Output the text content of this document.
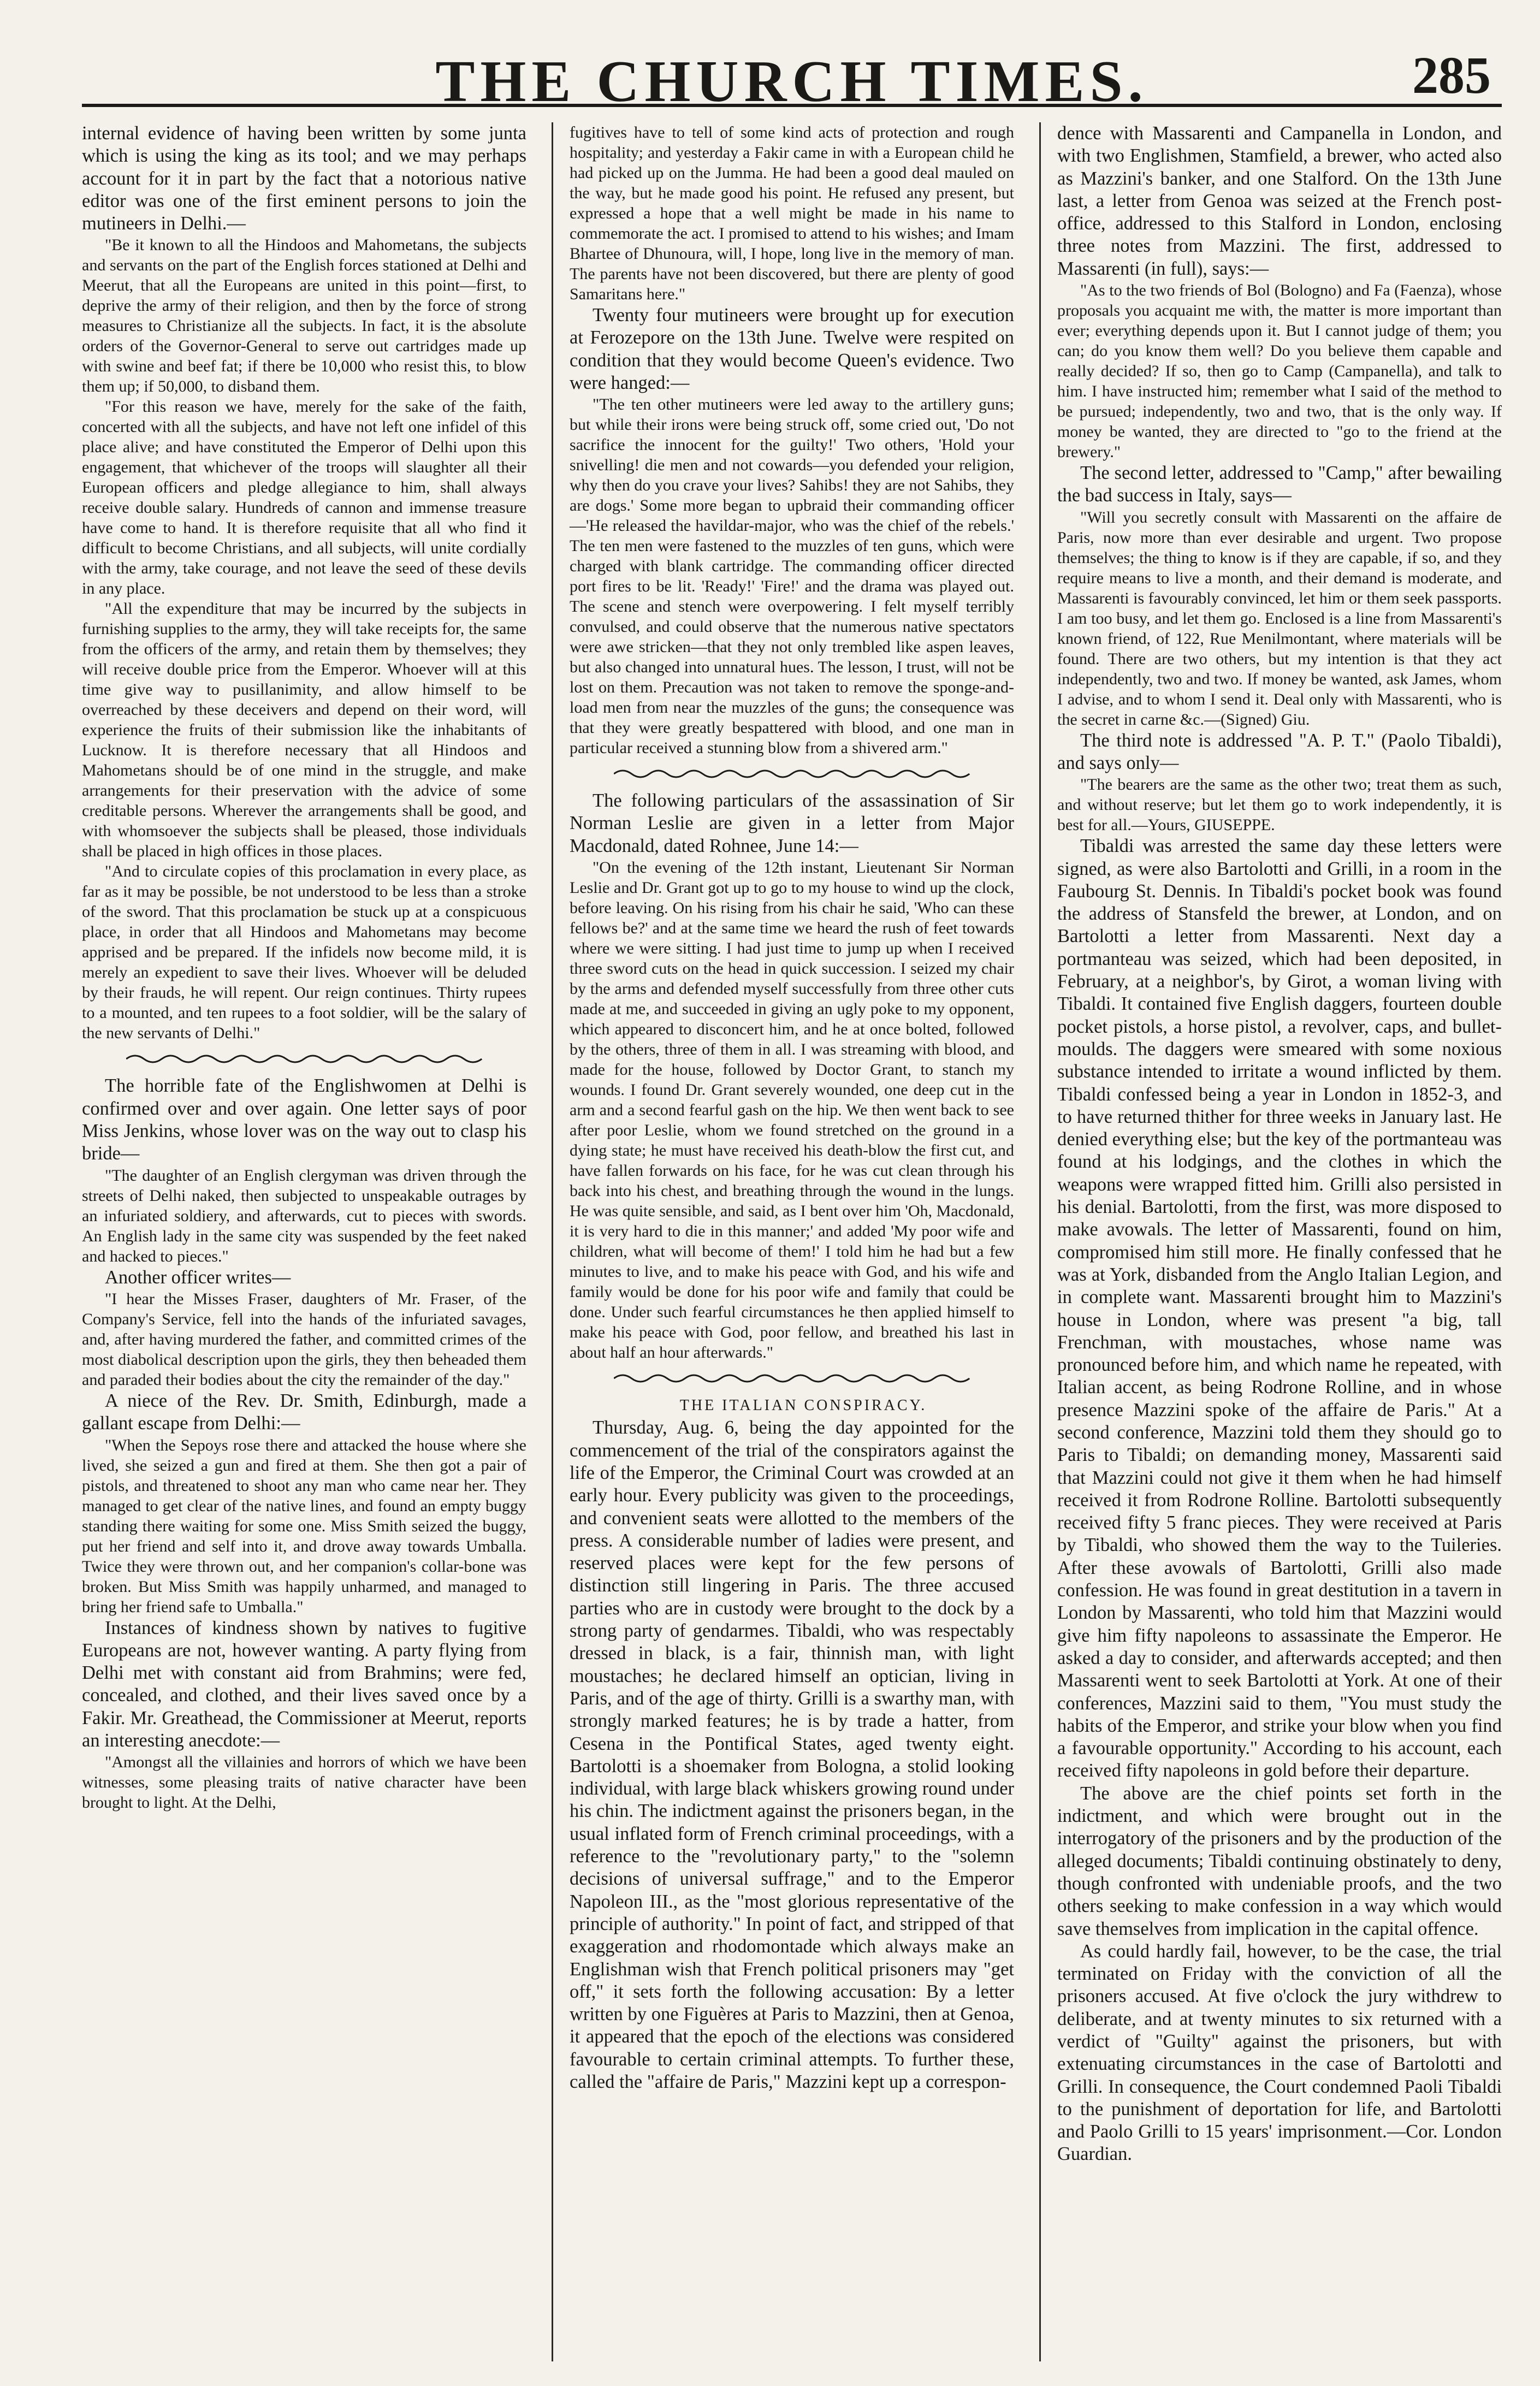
THE CHURCH TIMES.	285

internal evidence of having been written by some junta which is using the king as its tool; and we may perhaps account for it in part by the fact that a notorious native editor was one of the first eminent persons to join the mutineers in Delhi.—

"Be it known to all the Hindoos and Mahometans, the subjects and servants on the part of the English forces stationed at Delhi and Meerut, that all the Europeans are united in this point—first, to deprive the army of their religion, and then by the force of strong measures to Christianize all the subjects. In fact, it is the absolute orders of the Governor-General to serve out cartridges made up with swine and beef fat; if there be 10,000 who resist this, to blow them up; if 50,000, to disband them.

"For this reason we have, merely for the sake of the faith, concerted with all the subjects, and have not left one infidel of this place alive; and have constituted the Emperor of Delhi upon this engagement, that whichever of the troops will slaughter all their European officers and pledge allegiance to him, shall always receive double salary. Hundreds of cannon and immense treasure have come to hand. It is therefore requisite that all who find it difficult to become Christians, and all subjects, will unite cordially with the army, take courage, and not leave the seed of these devils in any place.

"All the expenditure that may be incurred by the subjects in furnishing supplies to the army, they will take receipts for, the same from the officers of the army, and retain them by themselves; they will receive double price from the Emperor. Whoever will at this time give way to pusillanimity, and allow himself to be overreached by these deceivers and depend on their word, will experience the fruits of their submission like the inhabitants of Lucknow. It is therefore necessary that all Hindoos and Mahometans should be of one mind in the struggle, and make arrangements for their preservation with the advice of some creditable persons. Wherever the arrangements shall be good, and with whomsoever the subjects shall be pleased, those individuals shall be placed in high offices in those places.

"And to circulate copies of this proclamation in every place, as far as it may be possible, be not understood to be less than a stroke of the sword. That this proclamation be stuck up at a conspicuous place, in order that all Hindoos and Mahometans may become apprised and be prepared. If the infidels now become mild, it is merely an expedient to save their lives. Whoever will be deluded by their frauds, he will repent. Our reign continues. Thirty rupees to a mounted, and ten rupees to a foot soldier, will be the salary of the new servants of Delhi."

The horrible fate of the Englishwomen at Delhi is confirmed over and over again. One letter says of poor Miss Jenkins, whose lover was on the way out to clasp his bride—

"The daughter of an English clergyman was driven through the streets of Delhi naked, then subjected to unspeakable outrages by an infuriated soldiery, and afterwards, cut to pieces with swords. An English lady in the same city was suspended by the feet naked and hacked to pieces."

Another officer writes—

"I hear the Misses Fraser, daughters of Mr. Fraser, of the Company's Service, fell into the hands of the infuriated savages, and, after having murdered the father, and committed crimes of the most diabolical description upon the girls, they then beheaded them and paraded their bodies about the city the remainder of the day."

A niece of the Rev. Dr. Smith, Edinburgh, made a gallant escape from Delhi:—

"When the Sepoys rose there and attacked the house where she lived, she seized a gun and fired at them. She then got a pair of pistols, and threatened to shoot any man who came near her. They managed to get clear of the native lines, and found an empty buggy standing there waiting for some one. Miss Smith seized the buggy, put her friend and self into it, and drove away towards Umballa. Twice they were thrown out, and her companion's collar-bone was broken. But Miss Smith was happily unharmed, and managed to bring her friend safe to Umballa."

Instances of kindness shown by natives to fugitive Europeans are not, however wanting. A party flying from Delhi met with constant aid from Brahmins; were fed, concealed, and clothed, and their lives saved once by a Fakir. Mr. Greathead, the Commissioner at Meerut, reports an interesting anecdote:—

"Amongst all the villainies and horrors of which we have been witnesses, some pleasing traits of native character have been brought to light. At the Delhi,

fugitives have to tell of some kind acts of protection and rough hospitality; and yesterday a Fakir came in with a European child he had picked up on the Jumma. He had been a good deal mauled on the way, but he made good his point. He refused any present, but expressed a hope that a well might be made in his name to commemorate the act. I promised to attend to his wishes; and Imam Bhartee of Dhunoura, will, I hope, long live in the memory of man. The parents have not been discovered, but there are plenty of good Samaritans here."

Twenty four mutineers were brought up for execution at Ferozepore on the 13th June. Twelve were respited on condition that they would become Queen's evidence. Two were hanged:—

"The ten other mutineers were led away to the artillery guns; but while their irons were being struck off, some cried out, 'Do not sacrifice the innocent for the guilty!' Two others, 'Hold your snivelling! die men and not cowards—you defended your religion, why then do you crave your lives? Sahibs! they are not Sahibs, they are dogs.' Some more began to upbraid their commanding officer—'He released the havildar-major, who was the chief of the rebels.' The ten men were fastened to the muzzles of ten guns, which were charged with blank cartridge. The commanding officer directed port fires to be lit. 'Ready!' 'Fire!' and the drama was played out. The scene and stench were overpowering. I felt myself terribly convulsed, and could observe that the numerous native spectators were awe stricken—that they not only trembled like aspen leaves, but also changed into unnatural hues. The lesson, I trust, will not be lost on them. Precaution was not taken to remove the sponge-and-load men from near the muzzles of the guns; the consequence was that they were greatly bespattered with blood, and one man in particular received a stunning blow from a shivered arm."

The following particulars of the assassination of Sir Norman Leslie are given in a letter from Major Macdonald, dated Rohnee, June 14:—

"On the evening of the 12th instant, Lieutenant Sir Norman Leslie and Dr. Grant got up to go to my house to wind up the clock, before leaving. On his rising from his chair he said, 'Who can these fellows be?' and at the same time we heard the rush of feet towards where we were sitting. I had just time to jump up when I received three sword cuts on the head in quick succession. I seized my chair by the arms and defended myself successfully from three other cuts made at me, and succeeded in giving an ugly poke to my opponent, which appeared to disconcert him, and he at once bolted, followed by the others, three of them in all. I was streaming with blood, and made for the house, followed by Doctor Grant, to stanch my wounds. I found Dr. Grant severely wounded, one deep cut in the arm and a second fearful gash on the hip. We then went back to see after poor Leslie, whom we found stretched on the ground in a dying state; he must have received his death-blow the first cut, and have fallen forwards on his face, for he was cut clean through his back into his chest, and breathing through the wound in the lungs. He was quite sensible, and said, as I bent over him 'Oh, Macdonald, it is very hard to die in this manner;' and added 'My poor wife and children, what will become of them!' I told him he had but a few minutes to live, and to make his peace with God, and his wife and family would be done for his poor wife and family that could be done. Under such fearful circumstances he then applied himself to make his peace with God, poor fellow, and breathed his last in about half an hour afterwards."

THE ITALIAN CONSPIRACY.

Thursday, Aug. 6, being the day appointed for the commencement of the trial of the conspirators against the life of the Emperor, the Criminal Court was crowded at an early hour. Every publicity was given to the proceedings, and convenient seats were allotted to the members of the press. A considerable number of ladies were present, and reserved places were kept for the few persons of distinction still lingering in Paris. The three accused parties who are in custody were brought to the dock by a strong party of gendarmes. Tibaldi, who was respectably dressed in black, is a fair, thinnish man, with light moustaches; he declared himself an optician, living in Paris, and of the age of thirty. Grilli is a swarthy man, with strongly marked features; he is by trade a hatter, from Cesena in the Pontifical States, aged twenty eight. Bartolotti is a shoemaker from Bologna, a stolid looking individual, with large black whiskers growing round under his chin. The indictment against the prisoners began, in the usual inflated form of French criminal proceedings, with a reference to the "revolutionary party," to the "solemn decisions of universal suffrage," and to the Emperor Napoleon III., as the "most glorious representative of the principle of authority." In point of fact, and stripped of that exaggeration and rhodomontade which always make an Englishman wish that French political prisoners may "get off," it sets forth the following accusation: By a letter written by one Figuères at Paris to Mazzini, then at Genoa, it appeared that the epoch of the elections was considered favourable to certain criminal attempts. To further these, called the "affaire de Paris," Mazzini kept up a correspon-

dence with Massarenti and Campanella in London, and with two Englishmen, Stamfield, a brewer, who acted also as Mazzini's banker, and one Stalford. On the 13th June last, a letter from Genoa was seized at the French post-office, addressed to this Stalford in London, enclosing three notes from Mazzini. The first, addressed to Massarenti (in full), says:—

"As to the two friends of Bol (Bologno) and Fa (Faenza), whose proposals you acquaint me with, the matter is more important than ever; everything depends upon it. But I cannot judge of them; you can; do you know them well? Do you believe them capable and really decided? If so, then go to Camp (Campanella), and talk to him. I have instructed him; remember what I said of the method to be pursued; independently, two and two, that is the only way. If money be wanted, they are directed to "go to the friend at the brewery."

The second letter, addressed to "Camp," after bewailing the bad success in Italy, says—

"Will you secretly consult with Massarenti on the affaire de Paris, now more than ever desirable and urgent. Two propose themselves; the thing to know is if they are capable, if so, and they require means to live a month, and their demand is moderate, and Massarenti is favourably convinced, let him or them seek passports. I am too busy, and let them go. Enclosed is a line from Massarenti's known friend, of 122, Rue Menilmontant, where materials will be found. There are two others, but my intention is that they act independently, two and two. If money be wanted, ask James, whom I advise, and to whom I send it. Deal only with Massarenti, who is the secret in carne &c.—(Signed) Giu.

The third note is addressed "A. P. T." (Paolo Tibaldi), and says only—

"The bearers are the same as the other two; treat them as such, and without reserve; but let them go to work independently, it is best for all.—Yours, GIUSEPPE.

Tibaldi was arrested the same day these letters were signed, as were also Bartolotti and Grilli, in a room in the Faubourg St. Dennis. In Tibaldi's pocket book was found the address of Stansfeld the brewer, at London, and on Bartolotti a letter from Massarenti. Next day a portmanteau was seized, which had been deposited, in February, at a neighbor's, by Girot, a woman living with Tibaldi. It contained five English daggers, fourteen double pocket pistols, a horse pistol, a revolver, caps, and bullet-moulds. The daggers were smeared with some noxious substance intended to irritate a wound inflicted by them. Tibaldi confessed being a year in London in 1852-3, and to have returned thither for three weeks in January last. He denied everything else; but the key of the portmanteau was found at his lodgings, and the clothes in which the weapons were wrapped fitted him. Grilli also persisted in his denial. Bartolotti, from the first, was more disposed to make avowals. The letter of Massarenti, found on him, compromised him still more. He finally confessed that he was at York, disbanded from the Anglo Italian Legion, and in complete want. Massarenti brought him to Mazzini's house in London, where was present "a big, tall Frenchman, with moustaches, whose name was pronounced before him, and which name he repeated, with Italian accent, as being Rodrone Rolline, and in whose presence Mazzini spoke of the affaire de Paris." At a second conference, Mazzini told them they should go to Paris to Tibaldi; on demanding money, Massarenti said that Mazzini could not give it them when he had himself received it from Rodrone Rolline. Bartolotti subsequently received fifty 5 franc pieces. They were received at Paris by Tibaldi, who showed them the way to the Tuileries. After these avowals of Bartolotti, Grilli also made confession. He was found in great destitution in a tavern in London by Massarenti, who told him that Mazzini would give him fifty napoleons to assassinate the Emperor. He asked a day to consider, and afterwards accepted; and then Massarenti went to seek Bartolotti at York. At one of their conferences, Mazzini said to them, "You must study the habits of the Emperor, and strike your blow when you find a favourable opportunity." According to his account, each received fifty napoleons in gold before their departure.

The above are the chief points set forth in the indictment, and which were brought out in the interrogatory of the prisoners and by the production of the alleged documents; Tibaldi continuing obstinately to deny, though confronted with undeniable proofs, and the two others seeking to make confession in a way which would save themselves from implication in the capital offence.

As could hardly fail, however, to be the case, the trial terminated on Friday with the conviction of all the prisoners accused. At five o'clock the jury withdrew to deliberate, and at twenty minutes to six returned with a verdict of "Guilty" against the prisoners, but with extenuating circumstances in the case of Bartolotti and Grilli. In consequence, the Court condemned Paoli Tibaldi to the punishment of deportation for life, and Bartolotti and Paolo Grilli to 15 years' imprisonment.—Cor. London Guardian.
